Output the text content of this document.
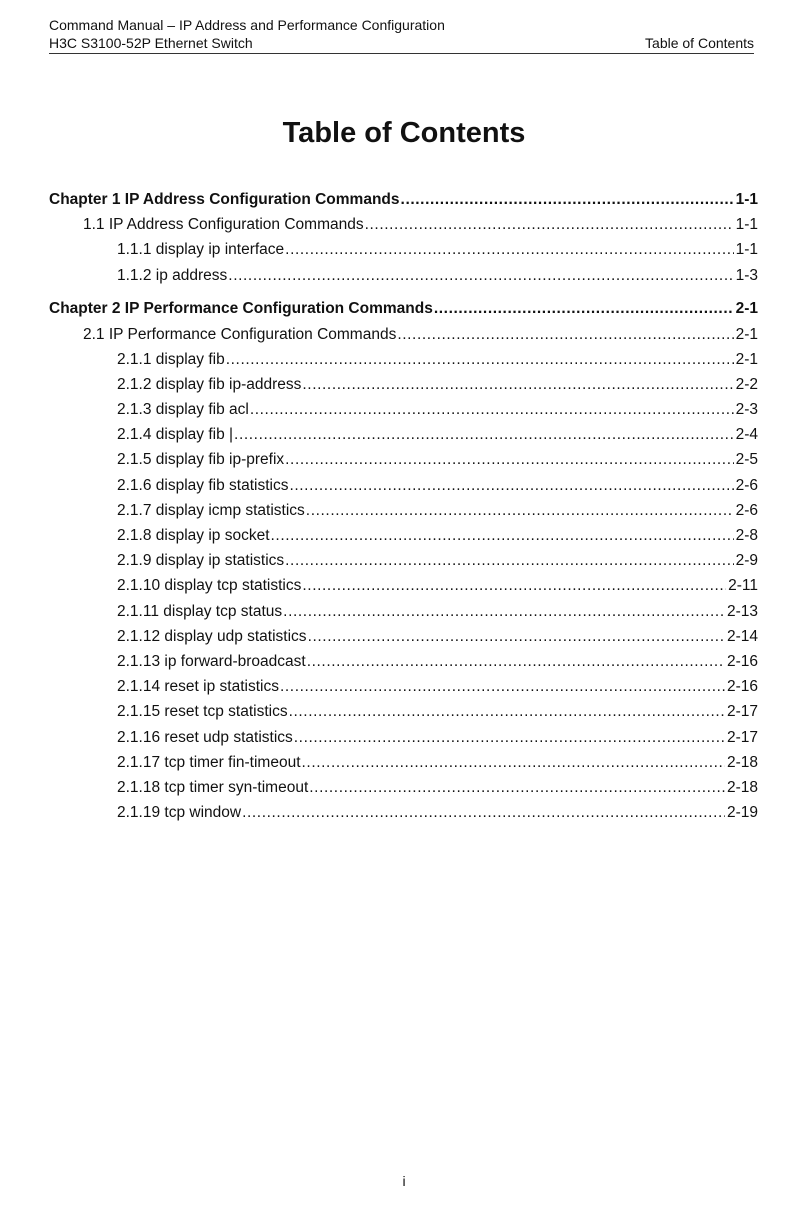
Command Manual – IP Address and Performance Configuration
H3C S3100-52P Ethernet Switch	Table of Contents
Table of Contents
Chapter 1 IP Address Configuration Commands .....	1-1
1.1 IP Address Configuration Commands .....	1-1
1.1.1 display ip interface .....	1-1
1.1.2 ip address .....	1-3
Chapter 2 IP Performance Configuration Commands .....	2-1
2.1 IP Performance Configuration Commands .....	2-1
2.1.1 display fib .....	2-1
2.1.2 display fib ip-address .....	2-2
2.1.3 display fib acl .....	2-3
2.1.4 display fib | .....	2-4
2.1.5 display fib ip-prefix .....	2-5
2.1.6 display fib statistics .....	2-6
2.1.7 display icmp statistics .....	2-6
2.1.8 display ip socket .....	2-8
2.1.9 display ip statistics .....	2-9
2.1.10 display tcp statistics .....	2-11
2.1.11 display tcp status .....	2-13
2.1.12 display udp statistics .....	2-14
2.1.13 ip forward-broadcast .....	2-16
2.1.14 reset ip statistics .....	2-16
2.1.15 reset tcp statistics .....	2-17
2.1.16 reset udp statistics .....	2-17
2.1.17 tcp timer fin-timeout .....	2-18
2.1.18 tcp timer syn-timeout .....	2-18
2.1.19 tcp window .....	2-19
i
